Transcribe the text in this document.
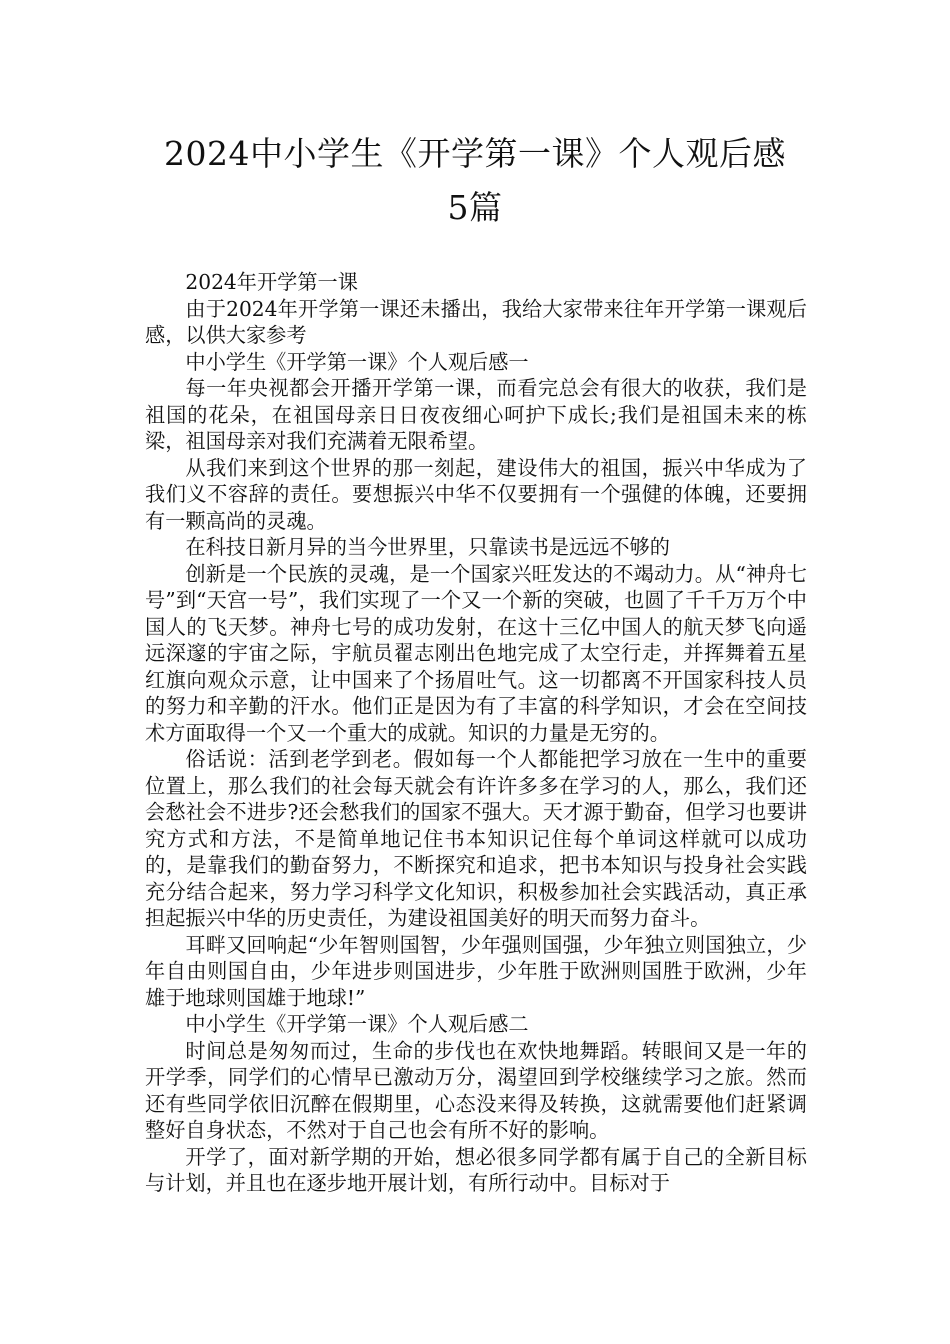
2024中小学生《开学第一课》个人观后感
5篇

2024年开学第一课

由于2024年开学第一课还未播出，我给大家带来往年开学第一课观后感，以供大家参考

中小学生《开学第一课》个人观后感一

每一年央视都会开播开学第一课，而看完总会有很大的收获，我们是祖国的花朵，在祖国母亲日日夜夜细心呵护下成长;我们是祖国未来的栋梁，祖国母亲对我们充满着无限希望。

从我们来到这个世界的那一刻起，建设伟大的祖国，振兴中华成为了我们义不容辞的责任。要想振兴中华不仅要拥有一个强健的体魄，还要拥有一颗高尚的灵魂。

在科技日新月异的当今世界里，只靠读书是远远不够的

创新是一个民族的灵魂，是一个国家兴旺发达的不竭动力。从“神舟七号”到“天宫一号”，我们实现了一个又一个新的突破，也圆了千千万万个中国人的飞天梦。神舟七号的成功发射，在这十三亿中国人的航天梦飞向遥远深邃的宇宙之际，宇航员翟志刚出色地完成了太空行走，并挥舞着五星红旗向观众示意，让中国来了个扬眉吐气。这一切都离不开国家科技人员的努力和辛勤的汗水。他们正是因为有了丰富的科学知识，才会在空间技术方面取得一个又一个重大的成就。知识的力量是无穷的。

俗话说：活到老学到老。假如每一个人都能把学习放在一生中的重要位置上，那么我们的社会每天就会有许许多多在学习的人，那么，我们还会愁社会不进步?还会愁我们的国家不强大。天才源于勤奋，但学习也要讲究方式和方法，不是简单地记住书本知识记住每个单词这样就可以成功的，是靠我们的勤奋努力，不断探究和追求，把书本知识与投身社会实践充分结合起来，努力学习科学文化知识，积极参加社会实践活动，真正承担起振兴中华的历史责任，为建设祖国美好的明天而努力奋斗。

耳畔又回响起“少年智则国智，少年强则国强，少年独立则国独立，少年自由则国自由，少年进步则国进步，少年胜于欧洲则国胜于欧洲，少年雄于地球则国雄于地球!”

中小学生《开学第一课》个人观后感二

时间总是匆匆而过，生命的步伐也在欢快地舞蹈。转眼间又是一年的开学季，同学们的心情早已激动万分，渴望回到学校继续学习之旅。然而还有些同学依旧沉醉在假期里，心态没来得及转换，这就需要他们赶紧调整好自身状态，不然对于自己也会有所不好的影响。

开学了，面对新学期的开始，想必很多同学都有属于自己的全新目标与计划，并且也在逐步地开展计划，有所行动中。目标对于
